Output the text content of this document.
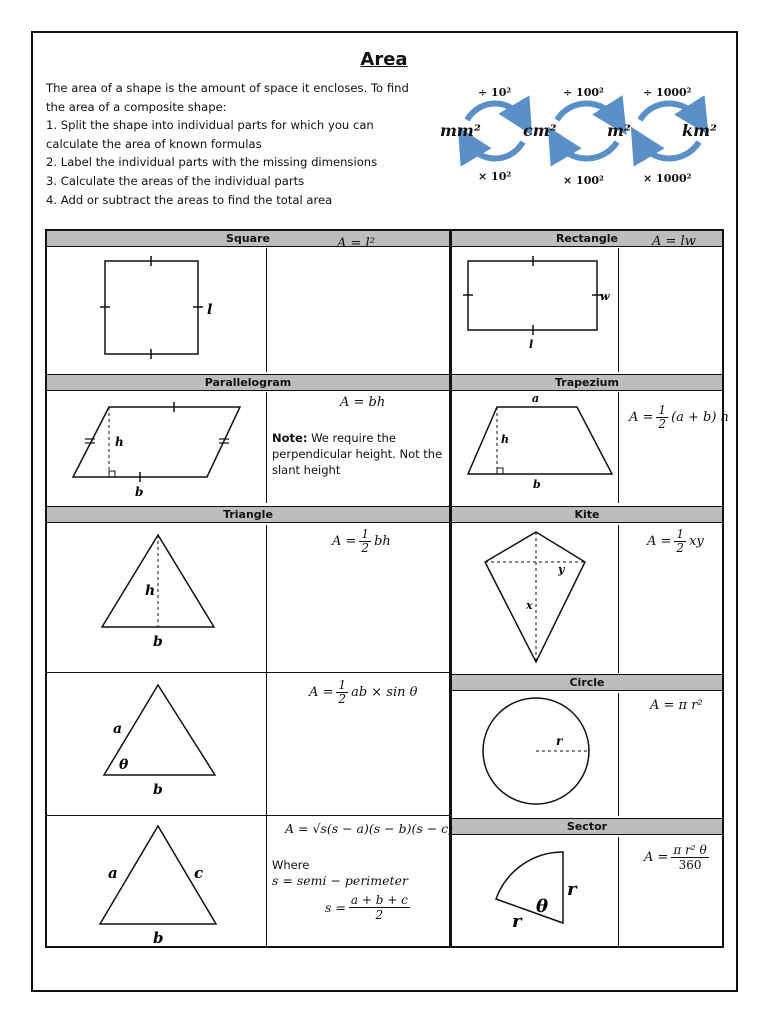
Area
The area of a shape is the amount of space it encloses. To find the area of a composite shape:
1. Split the shape into individual parts for which you can calculate the area of known formulas
2. Label the individual parts with the missing dimensions
3. Calculate the areas of the individual parts
4. Add or subtract the areas to find the total area
÷ 10²	÷ 100²	÷ 1000²
mm²	cm²	m²	km²
× 10²	× 100²	× 1000²
Square	Rectangle
Parallelogram	Trapezium
Triangle	Kite
Circle
Sector
l
A = l²
w
l
A = lw
h
b
A = bh
Note: We require the perpendicular height. Not the slant height
a
h
b
$A = \frac{1}{2} (a + b)$ h
h
b
$A = \frac{1}{2}$ bh
y
x
$A = \frac{1}{2}$ xy
a
θ
b
$A = \frac{1}{2}$ ab × sin θ
r
A = π r²
a	c
b
A = √s(s − a)(s − b)(s − c)
Where
s = semi − perimeter
$s = \frac{a + b + c}{2}$
r
θ
r
$A = \frac{\text{π r² θ}}{360}$
